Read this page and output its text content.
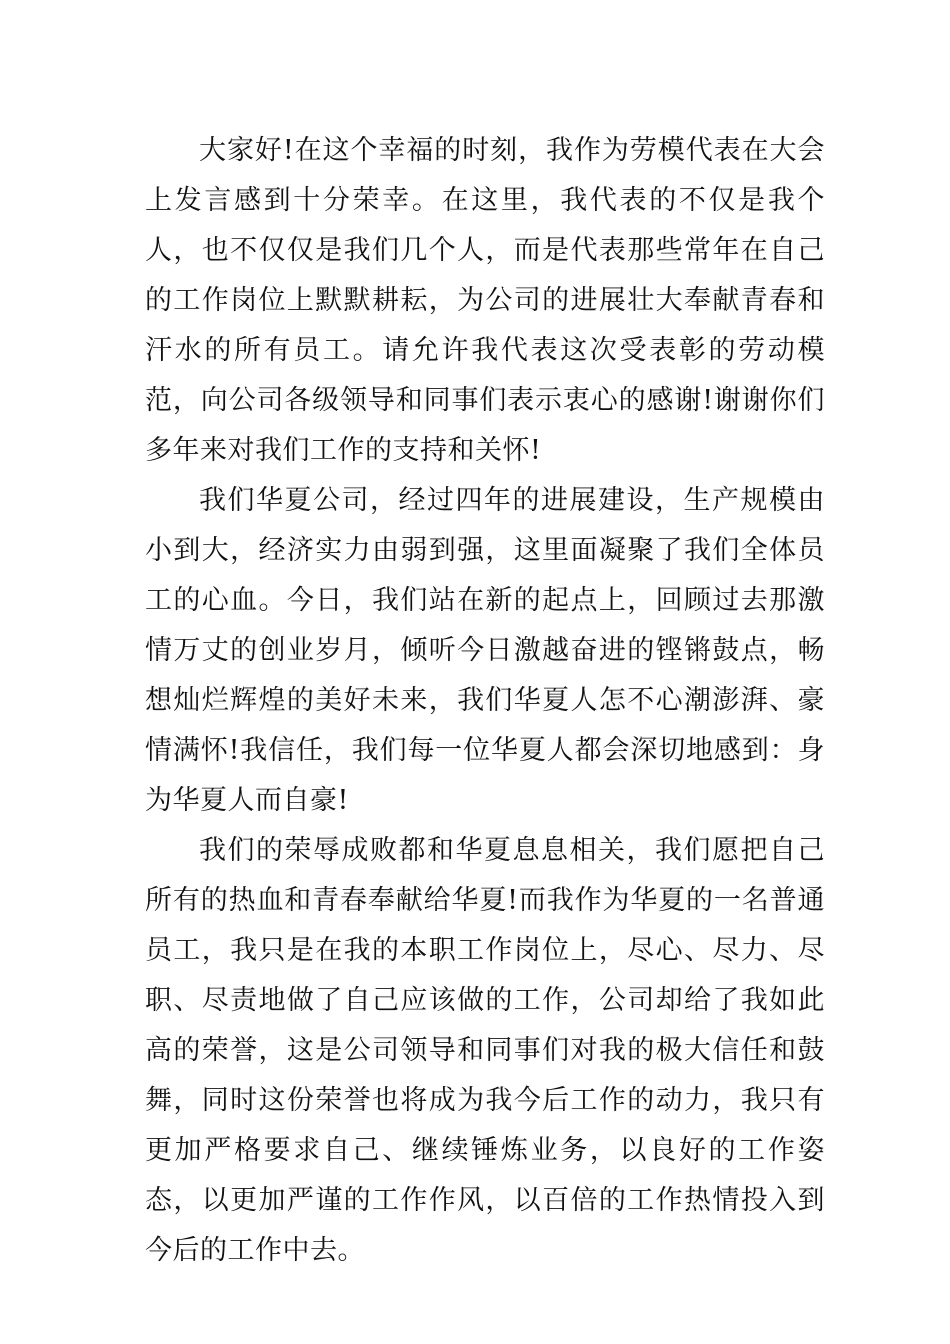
大家好!在这个幸福的时刻，我作为劳模代表在大会上发言感到十分荣幸。在这里，我代表的不仅是我个人，也不仅仅是我们几个人，而是代表那些常年在自己的工作岗位上默默耕耘，为公司的进展壮大奉献青春和汗水的所有员工。请允许我代表这次受表彰的劳动模范，向公司各级领导和同事们表示衷心的感谢!谢谢你们多年来对我们工作的支持和关怀!

我们华夏公司，经过四年的进展建设，生产规模由小到大，经济实力由弱到强，这里面凝聚了我们全体员工的心血。今日，我们站在新的起点上，回顾过去那激情万丈的创业岁月，倾听今日激越奋进的铿锵鼓点，畅想灿烂辉煌的美好未来，我们华夏人怎不心潮澎湃、豪情满怀!我信任，我们每一位华夏人都会深切地感到：身为华夏人而自豪!

我们的荣辱成败都和华夏息息相关，我们愿把自己所有的热血和青春奉献给华夏!而我作为华夏的一名普通员工，我只是在我的本职工作岗位上，尽心、尽力、尽职、尽责地做了自己应该做的工作，公司却给了我如此高的荣誉，这是公司领导和同事们对我的极大信任和鼓舞，同时这份荣誉也将成为我今后工作的动力，我只有更加严格要求自己、继续锤炼业务，以良好的工作姿态，以更加严谨的工作作风，以百倍的工作热情投入到今后的工作中去。
